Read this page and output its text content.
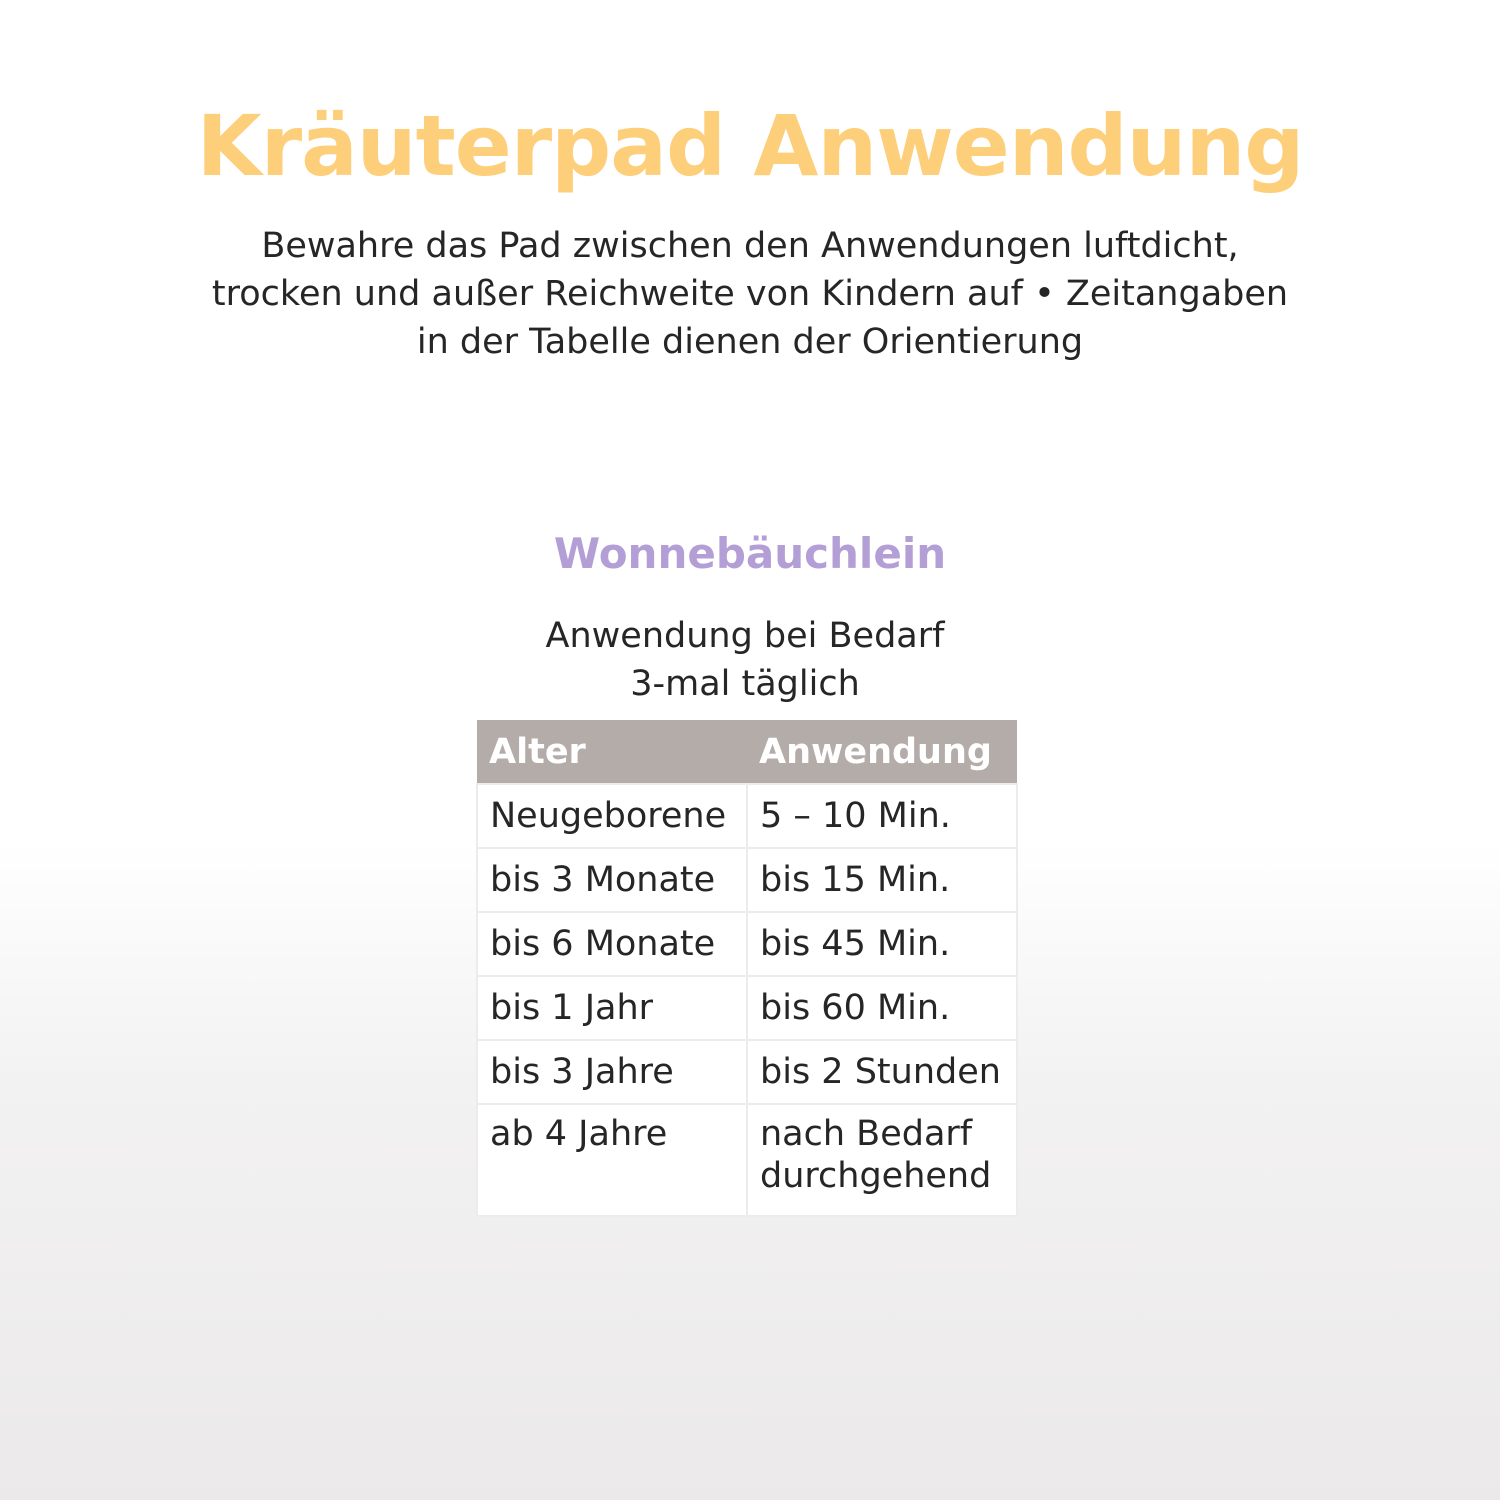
Kräuterpad Anwendung

Bewahre das Pad zwischen den Anwendungen luftdicht, trocken und außer Reichweite von Kindern auf • Zeitangaben in der Tabelle dienen der Orientierung

Wonnebäuchlein
Anwendung bei Bedarf
3-mal täglich
Alter	Anwendung
Neugeborene	5 – 10 Min.
bis 3 Monate	bis 15 Min.
bis 6 Monate	bis 45 Min.
bis 1 Jahr	bis 60 Min.
bis 3 Jahre	bis 2 Stunden
ab 4 Jahre	nach Bedarf durchgehend
